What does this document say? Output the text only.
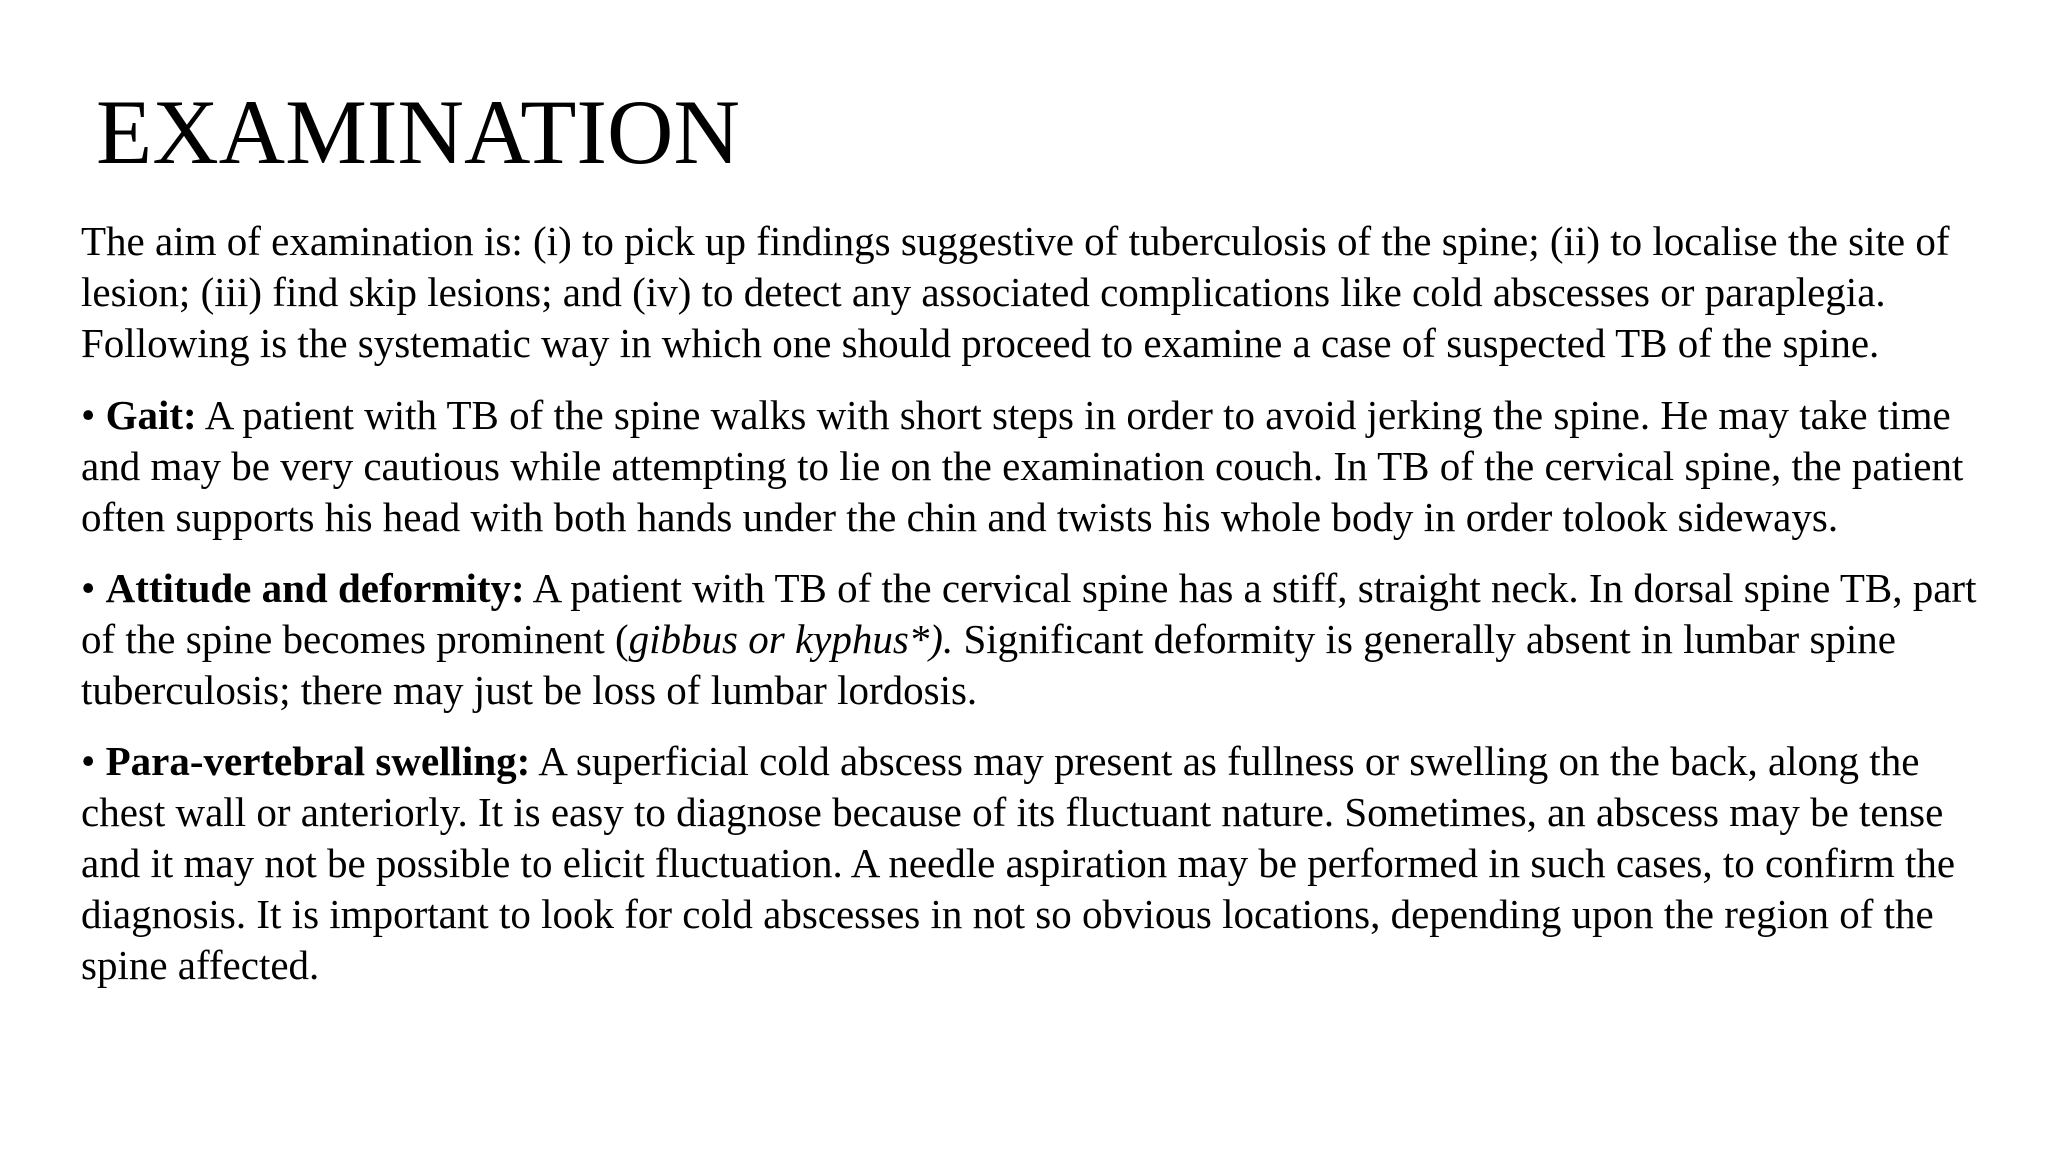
EXAMINATION

The aim of examination is: (i) to pick up findings suggestive of tuberculosis of the spine; (ii) to localise the site of lesion; (iii) find skip lesions; and (iv) to detect any associated complications like cold abscesses or paraplegia. Following is the systematic way in which one should proceed to examine a case of suspected TB of the spine.

• Gait: A patient with TB of the spine walks with short steps in order to avoid jerking the spine. He may take time and may be very cautious while attempting to lie on the examination couch. In TB of the cervical spine, the patient often supports his head with both hands under the chin and twists his whole body in order tolook sideways.

• Attitude and deformity: A patient with TB of the cervical spine has a stiff, straight neck. In dorsal spine TB, part of the spine becomes prominent (gibbus or kyphus*). Significant deformity is generally absent in lumbar spine tuberculosis; there may just be loss of lumbar lordosis.

• Para-vertebral swelling: A superficial cold abscess may present as fullness or swelling on the back, along the chest wall or anteriorly. It is easy to diagnose because of its fluctuant nature. Sometimes, an abscess may be tense and it may not be possible to elicit fluctuation. A needle aspiration may be performed in such cases, to confirm the diagnosis. It is important to look for cold abscesses in not so obvious locations, depending upon the region of the spine affected.
